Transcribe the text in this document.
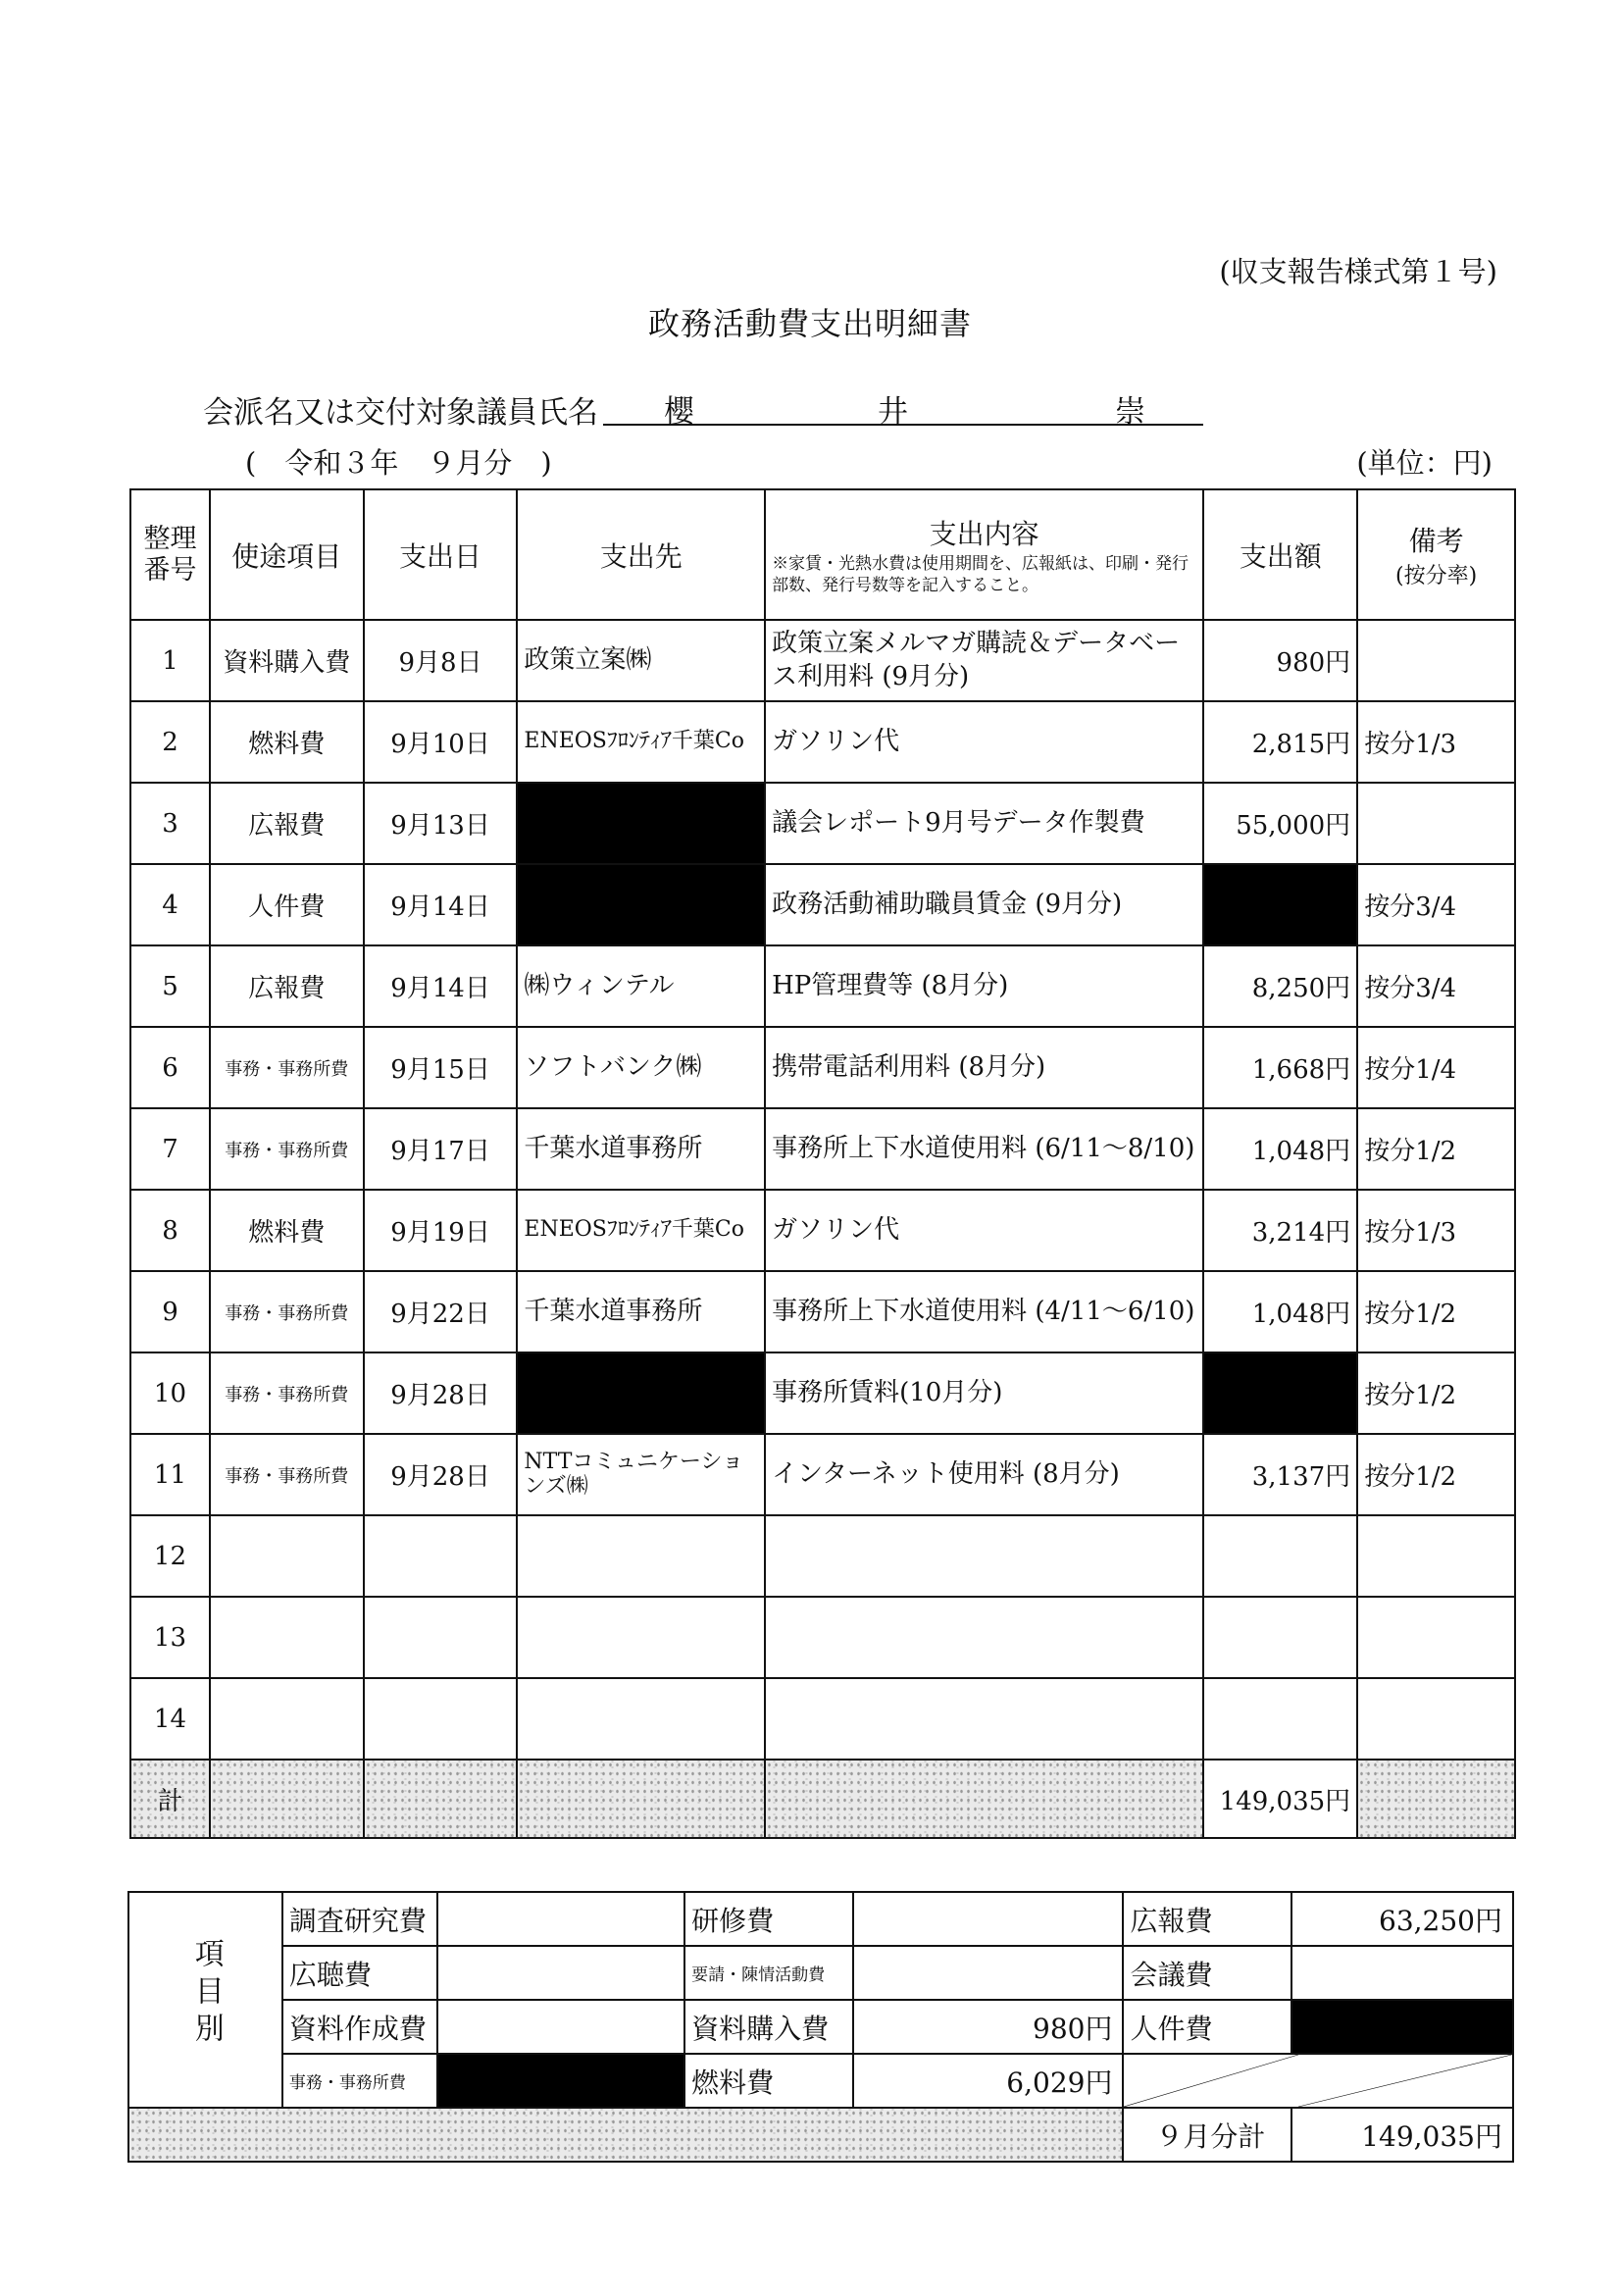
(収支報告様式第１号)
政務活動費支出明細書
会派名又は交付対象議員氏名 櫻	井	崇
(　令和３年　９月分　)	(単位：円)
整理番号	使途項目	支出日	支出先	支出内容
※家賃・光熱水費は使用期間を、広報紙は、印刷・発行部数、発行号数等を記入すること。	支出額	備考
(按分率)

1	資料購入費	9月8日	政策立案㈱	政策立案メルマガ購読＆データベース利用料 (9月分)	980円	
2	燃料費	9月10日	ENEOSﾌﾛﾝﾃｨｱ千葉Co	ガソリン代	2,815円	按分1/3
3	広報費	9月13日		議会レポート9月号データ作製費	55,000円	
4	人件費	9月14日		政務活動補助職員賃金 (9月分)		按分3/4
5	広報費	9月14日	㈱ウィンテル	HP管理費等 (8月分)	8,250円	按分3/4
6	事務・事務所費	9月15日	ソフトバンク㈱	携帯電話利用料 (8月分)	1,668円	按分1/4
7	事務・事務所費	9月17日	千葉水道事務所	事務所上下水道使用料 (6/11～8/10)	1,048円	按分1/2
8	燃料費	9月19日	ENEOSﾌﾛﾝﾃｨｱ千葉Co	ガソリン代	3,214円	按分1/3
9	事務・事務所費	9月22日	千葉水道事務所	事務所上下水道使用料 (4/11～6/10)	1,048円	按分1/2
10	事務・事務所費	9月28日		事務所賃料(10月分)		按分1/2
11	事務・事務所費	9月28日	NTTコミュニケーションズ㈱	インターネット使用料 (8月分)	3,137円	按分1/2
12						
13						
14						
計					149,035円	
項目別	調査研究費		研修費		広報費	63,250円
	広聴費		要請・陳情活動費		会議費	
	資料作成費		資料購入費	980円	人件費	
	事務・事務所費		燃料費	6,029円	

					９月分計	149,035円
